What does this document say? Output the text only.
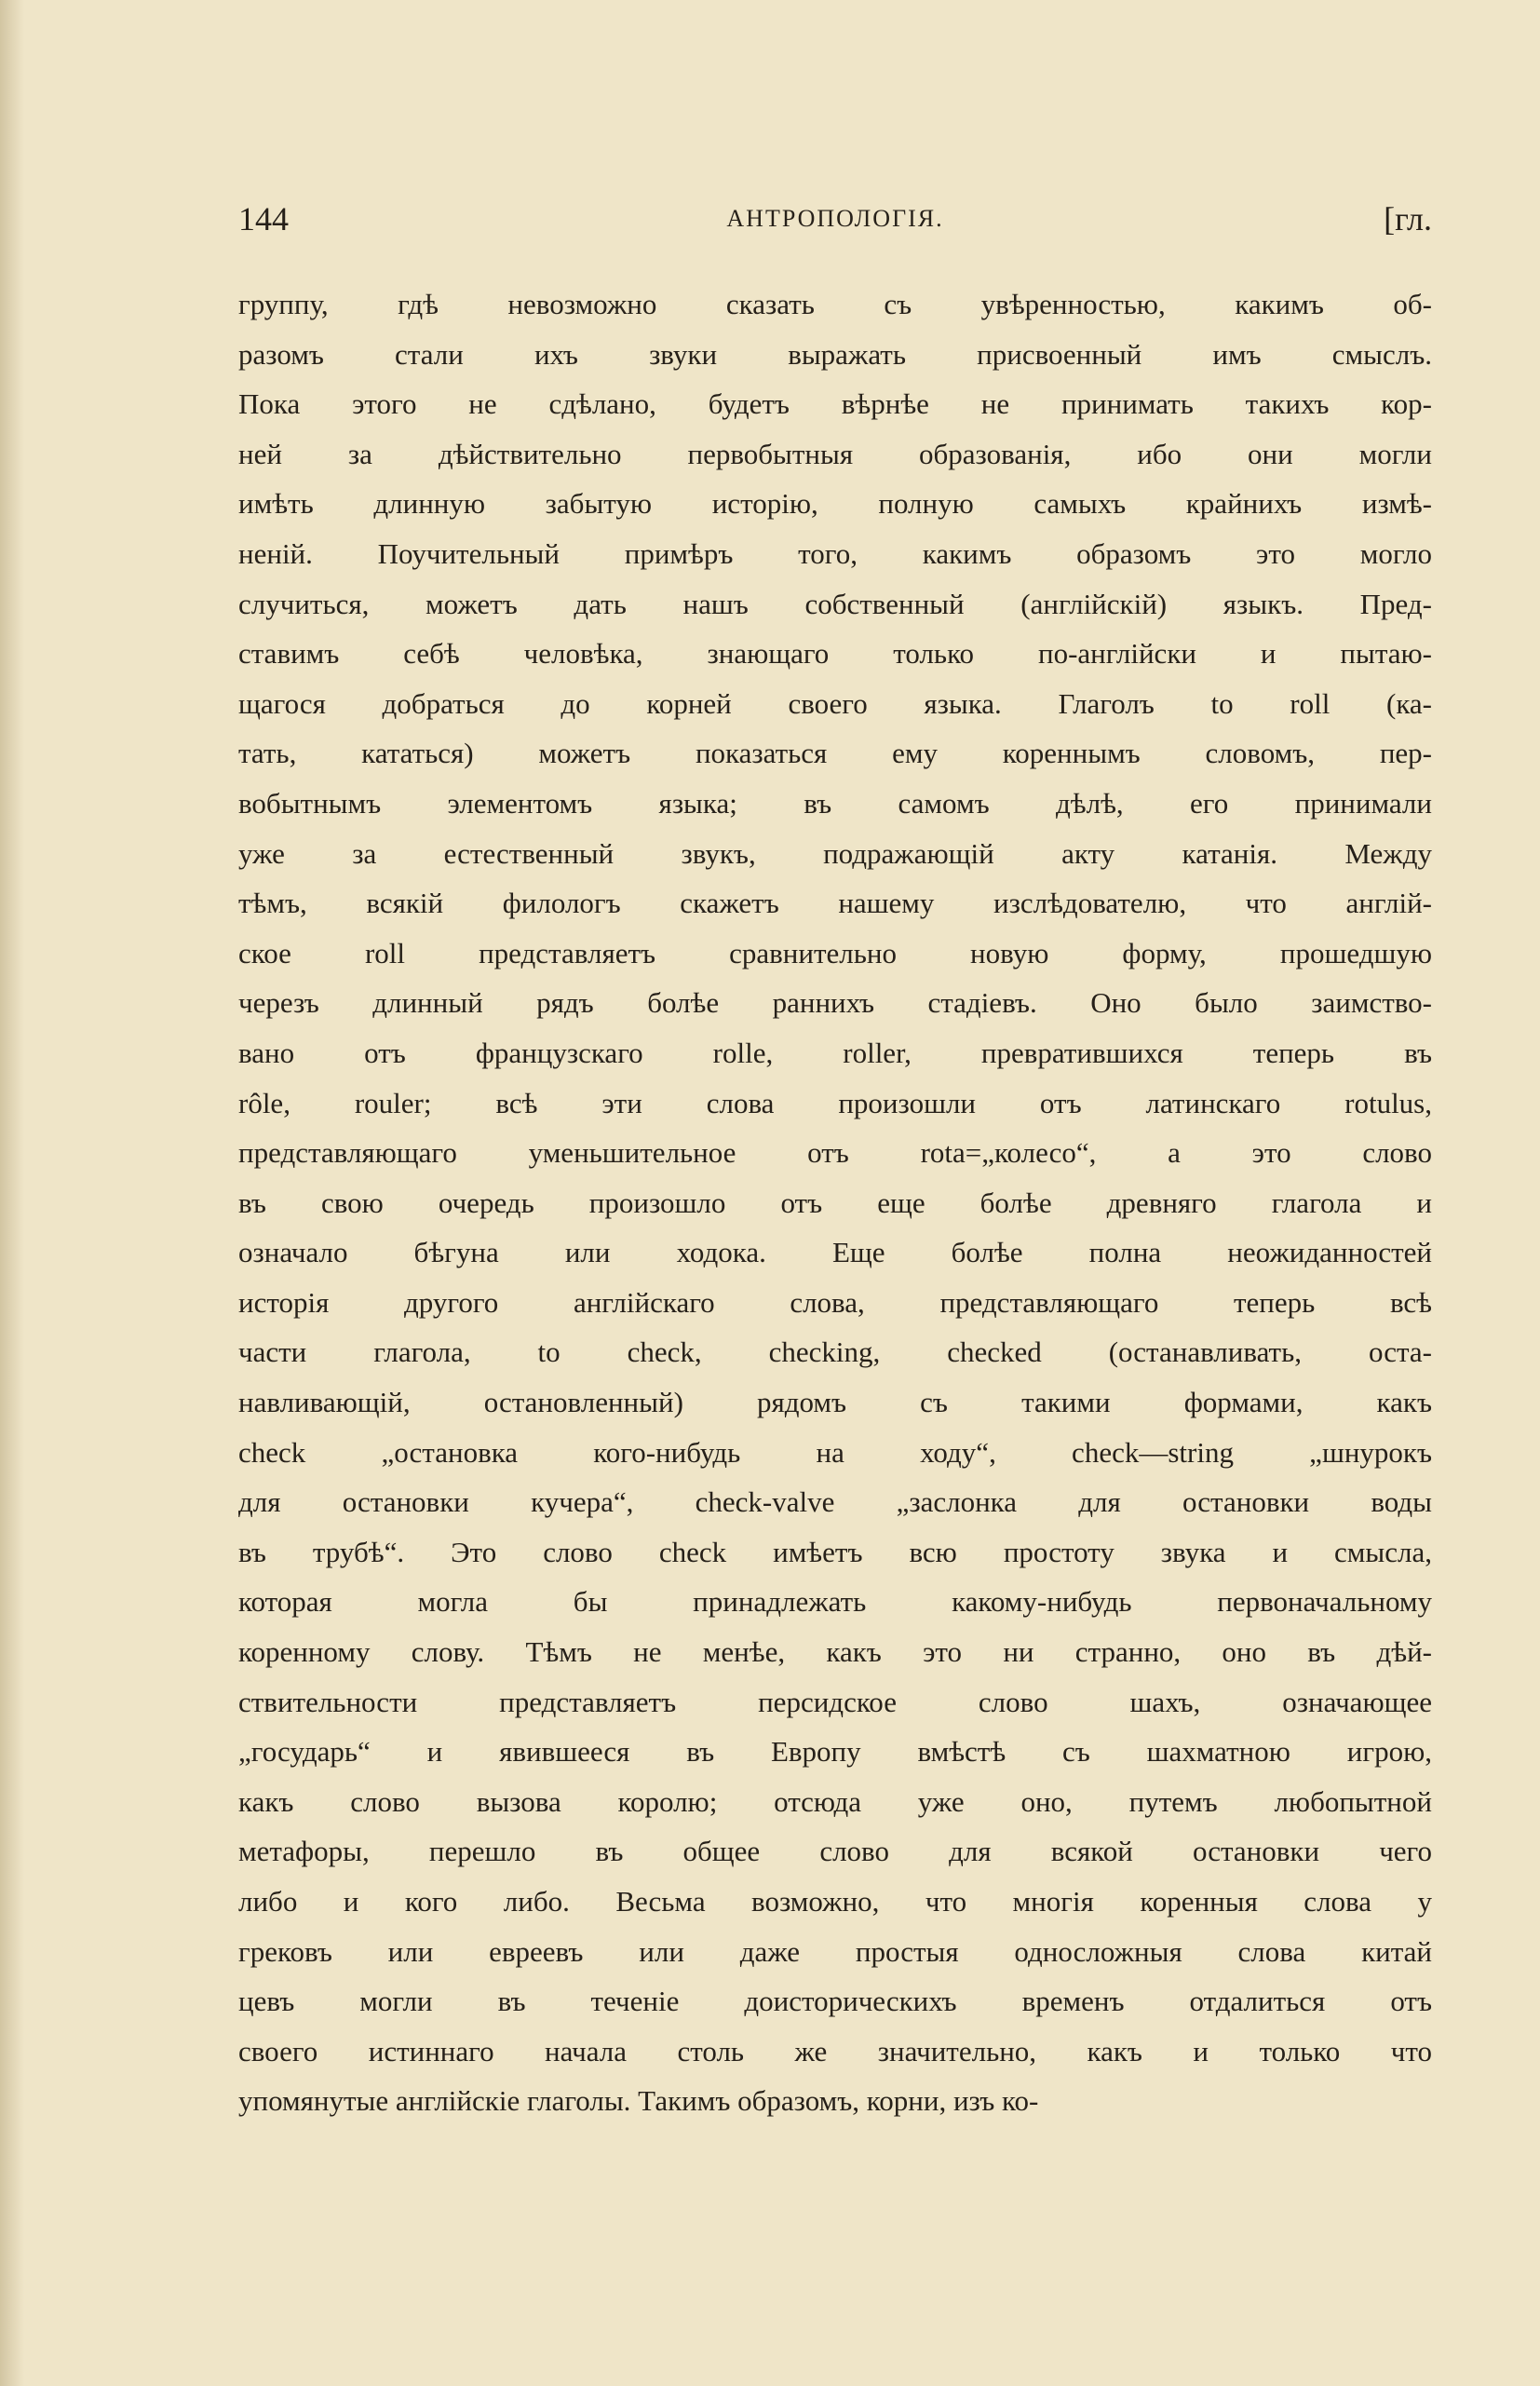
144	АНТРОПОЛОГІЯ.	[гл.
группу, гдѣ невозможно сказать съ увѣренностью, какимъ об-
разомъ стали ихъ звуки выражать присвоенный имъ смыслъ.
Пока этого не сдѣлано, будетъ вѣрнѣе не принимать такихъ кор-
ней за дѣйствительно первобытныя образованія, ибо они могли
имѣть длинную забытую исторію, полную самыхъ крайнихъ измѣ-
неній. Поучительный примѣръ того, какимъ образомъ это могло
случиться, можетъ дать нашъ собственный (англійскій) языкъ. Пред-
ставимъ себѣ человѣка, знающаго только по-англійски и пытаю-
щагося добраться до корней своего языка. Глаголъ to roll (ка-
тать, кататься) можетъ показаться ему кореннымъ словомъ, пер-
вобытнымъ элементомъ языка; въ самомъ дѣлѣ, его принимали
уже за естественный звукъ, подражающій акту катанія. Между
тѣмъ, всякій филологъ скажетъ нашему изслѣдователю, что англій-
ское roll представляетъ сравнительно новую форму, прошедшую
черезъ длинный рядъ болѣе раннихъ стадіевъ. Оно было заимство-
вано отъ французскаго rolle, roller, превратившихся теперь въ
rôle, rouler; всѣ эти слова произошли отъ латинскаго rotulus,
представляющаго уменьшительное отъ rota=„колесо“, а это слово
въ свою очередь произошло отъ еще болѣе древняго глагола и
означало бѣгуна или ходока. Еще болѣе полна неожиданностей
исторія другого англійскаго слова, представляющаго теперь всѣ
части глагола, to check, checking, checked (останавливать, оста-
навливающій, остановленный) рядомъ съ такими формами, какъ
check „остановка кого-нибудь на ходу“, check—string „шнурокъ
для остановки кучера“, check-valve „заслонка для остановки воды
въ трубѣ“. Это слово check имѣетъ всю простоту звука и смысла,
которая могла бы принадлежать какому-нибудь первоначальному
коренному слову. Тѣмъ не менѣе, какъ это ни странно, оно въ дѣй-
ствительности представляетъ персидское слово шахъ, означающее
„государь“ и явившееся въ Европу вмѣстѣ съ шахматною игрою,
какъ слово вызова королю; отсюда уже оно, путемъ любопытной
метафоры, перешло въ общее слово для всякой остановки чего
либо и кого либо. Весьма возможно, что многія коренныя слова у
грековъ или евреевъ или даже простыя односложныя слова китай
цевъ могли въ теченіе доисторическихъ временъ отдалиться отъ
своего истиннаго начала столь же значительно, какъ и только что
упомянутые англійскіе глаголы. Такимъ образомъ, корни, изъ ко-
